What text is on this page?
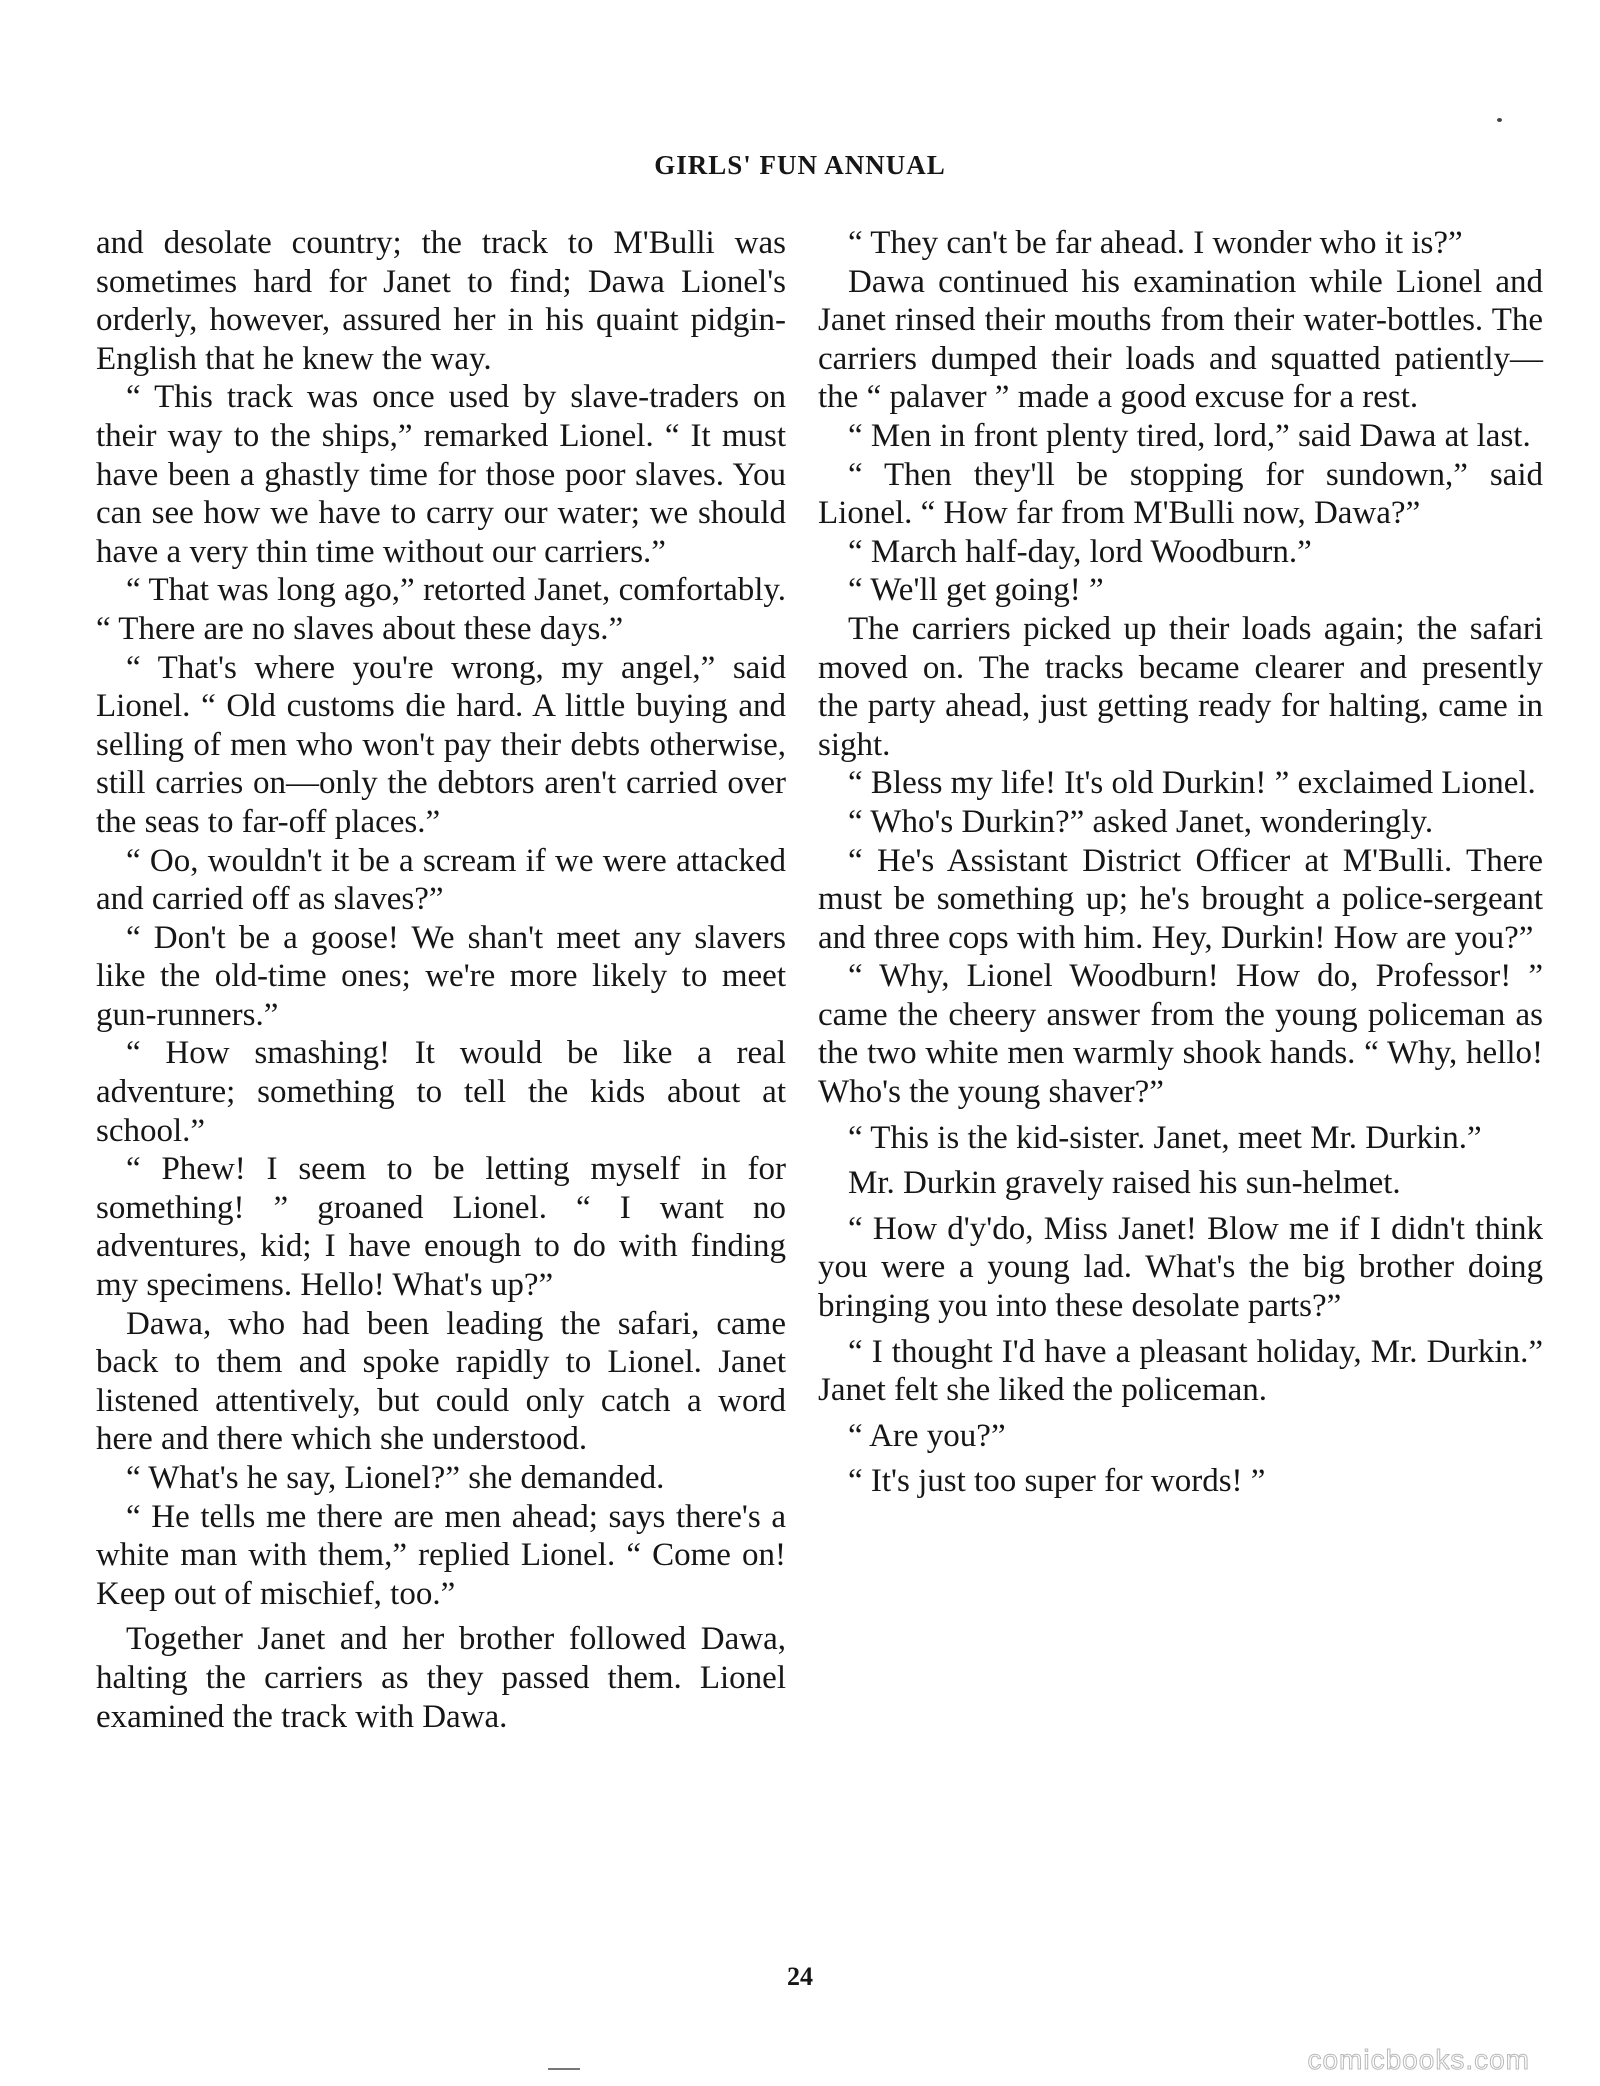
GIRLS' FUN ANNUAL

and desolate country; the track to M'Bulli was sometimes hard for Janet to find; Dawa Lionel's orderly, however, assured her in his quaint pidgin-English that he knew the way.

“ This track was once used by slave-traders on their way to the ships,” remarked Lionel. “ It must have been a ghastly time for those poor slaves. You can see how we have to carry our water; we should have a very thin time without our carriers.”

“ That was long ago,” retorted Janet, comfortably. “ There are no slaves about these days.”

“ That's where you're wrong, my angel,” said Lionel. “ Old customs die hard. A little buying and selling of men who won't pay their debts otherwise, still carries on—only the debtors aren't carried over the seas to far-off places.”

“ Oo, wouldn't it be a scream if we were attacked and carried off as slaves?”

“ Don't be a goose! We shan't meet any slavers like the old-time ones; we're more likely to meet gun-runners.”

“ How smashing! It would be like a real adventure; something to tell the kids about at school.”

“ Phew! I seem to be letting myself in for something! ” groaned Lionel. “ I want no adventures, kid; I have enough to do with finding my specimens. Hello! What's up?”

Dawa, who had been leading the safari, came back to them and spoke rapidly to Lionel. Janet listened attentively, but could only catch a word here and there which she understood.

“ What's he say, Lionel?” she demanded.

“ He tells me there are men ahead; says there's a white man with them,” replied Lionel. “ Come on! Keep out of mischief, too.”

Together Janet and her brother followed Dawa, halting the carriers as they passed them. Lionel examined the track with Dawa.

“ They can't be far ahead. I wonder who it is?”

Dawa continued his examination while Lionel and Janet rinsed their mouths from their water-bottles. The carriers dumped their loads and squatted patiently—the “ palaver ” made a good excuse for a rest.

“ Men in front plenty tired, lord,” said Dawa at last.

“ Then they'll be stopping for sundown,” said Lionel. “ How far from M'Bulli now, Dawa?”

“ March half-day, lord Woodburn.”

“ We'll get going! ”

The carriers picked up their loads again; the safari moved on. The tracks became clearer and presently the party ahead, just getting ready for halting, came in sight.

“ Bless my life! It's old Durkin! ” exclaimed Lionel.

“ Who's Durkin?” asked Janet, wonderingly.

“ He's Assistant District Officer at M'Bulli. There must be something up; he's brought a police-sergeant and three cops with him. Hey, Durkin! How are you?”

“ Why, Lionel Woodburn! How do, Professor! ” came the cheery answer from the young policeman as the two white men warmly shook hands. “ Why, hello! Who's the young shaver?”

“ This is the kid-sister. Janet, meet Mr. Durkin.”

Mr. Durkin gravely raised his sun-helmet.

“ How d'y'do, Miss Janet! Blow me if I didn't think you were a young lad. What's the big brother doing bringing you into these desolate parts?”

“ I thought I'd have a pleasant holiday, Mr. Durkin.” Janet felt she liked the policeman.

“ Are you?”

“ It's just too super for words! ”

24
comicbooks.com
